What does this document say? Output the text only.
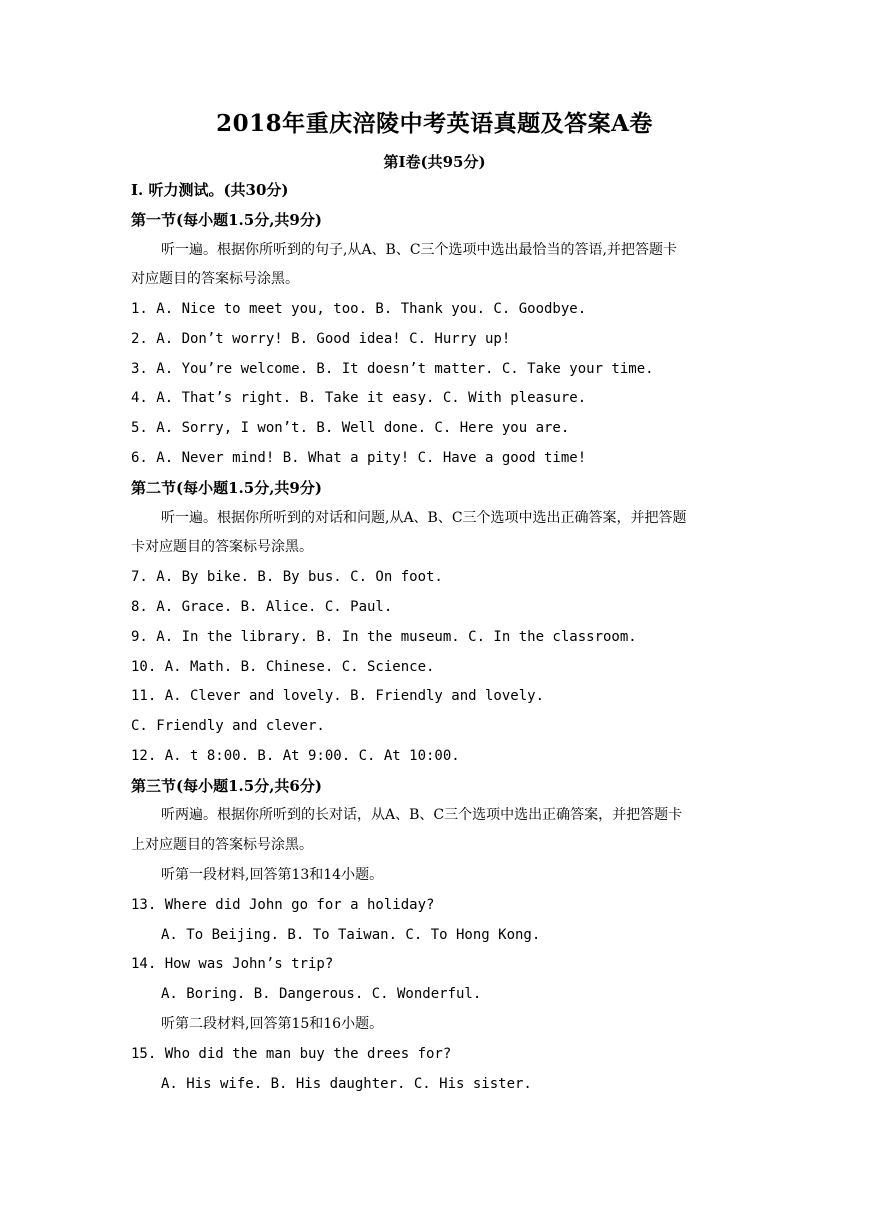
2018年重庆涪陵中考英语真题及答案A卷
第Ⅰ卷(共95分)
Ⅰ. 听力测试。(共30分)
第一节(每小题1.5分,共9分)
听一遍。根据你所听到的句子,从A、B、C三个选项中选出最恰当的答语,并把答题卡
对应题目的答案标号涂黑。
1. A. Nice to meet you, too. B. Thank you. C. Goodbye.
2. A. Don’t worry! B. Good idea! C. Hurry up!
3. A. You’re welcome. B. It doesn’t matter. C. Take your time.
4. A. That’s right. B. Take it easy. C. With pleasure.
5. A. Sorry, I won’t. B. Well done. C. Here you are.
6. A. Never mind! B. What a pity! C. Have a good time!
第二节(每小题1.5分,共9分)
听一遍。根据你所听到的对话和问题,从A、B、C三个选项中选出正确答案，并把答题
卡对应题目的答案标号涂黑。
7. A. By bike. B. By bus. C. On foot.
8. A. Grace. B. Alice. C. Paul.
9. A. In the library. B. In the museum. C. In the classroom.
10. A. Math. B. Chinese. C. Science.
11. A. Clever and lovely. B. Friendly and lovely.
C. Friendly and clever.
12. A. t 8:00. B. At 9:00. C. At 10:00.
第三节(每小题1.5分,共6分)
听两遍。根据你所听到的长对话，从A、B、C三个选项中选出正确答案，并把答题卡
上对应题目的答案标号涂黑。
听第一段材料,回答第13和14小题。
13. Where did John go for a holiday?
A. To Beijing. B. To Taiwan. C. To Hong Kong.
14. How was John’s trip?
A. Boring. B. Dangerous. C. Wonderful.
听第二段材料,回答第15和16小题。
15. Who did the man buy the drees for?
A. His wife. B. His daughter. C. His sister.
